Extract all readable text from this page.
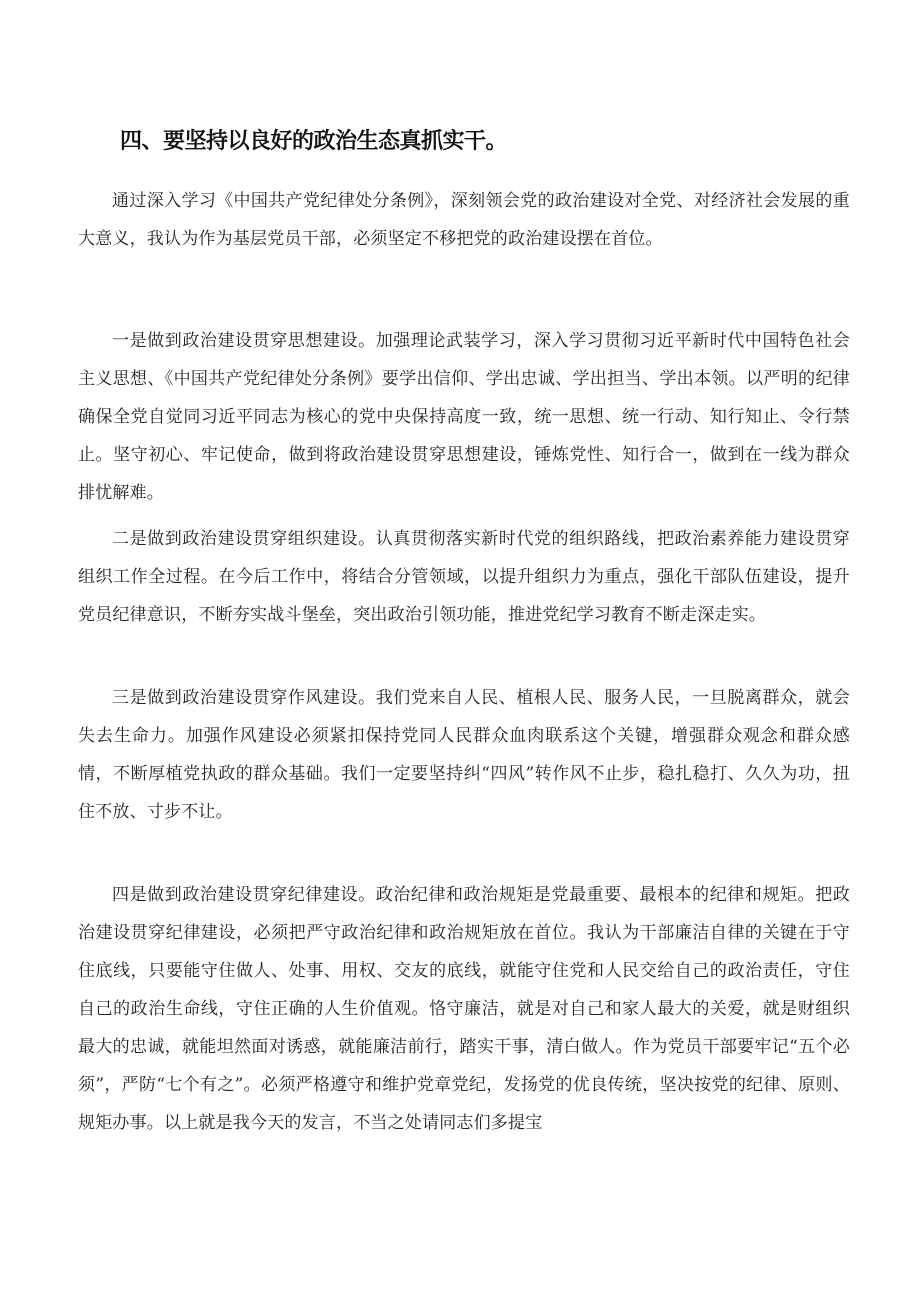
四、要坚持以良好的政治生态真抓实干。

通过深入学习《中国共产党纪律处分条例》，深刻领会党的政治建设对全党、对经济社会发展的重大意义，我认为作为基层党员干部，必须坚定不移把党的政治建设摆在首位。

一是做到政治建设贯穿思想建设。加强理论武装学习，深入学习贯彻习近平新时代中国特色社会主义思想、《中国共产党纪律处分条例》要学出信仰、学出忠诚、学出担当、学出本领。以严明的纪律确保全党自觉同习近平同志为核心的党中央保持高度一致，统一思想、统一行动、知行知止、令行禁止。坚守初心、牢记使命，做到将政治建设贯穿思想建设，锤炼党性、知行合一，做到在一线为群众排忧解难。

二是做到政治建设贯穿组织建设。认真贯彻落实新时代党的组织路线，把政治素养能力建设贯穿组织工作全过程。在今后工作中，将结合分管领域，以提升组织力为重点，强化干部队伍建设，提升党员纪律意识，不断夯实战斗堡垒，突出政治引领功能，推进党纪学习教育不断走深走实。

三是做到政治建设贯穿作风建设。我们党来自人民、植根人民、服务人民，一旦脱离群众，就会失去生命力。加强作风建设必须紧扣保持党同人民群众血肉联系这个关键，增强群众观念和群众感情，不断厚植党执政的群众基础。我们一定要坚持纠“四风”转作风不止步，稳扎稳打、久久为功，扭住不放、寸步不让。

四是做到政治建设贯穿纪律建设。政治纪律和政治规矩是党最重要、最根本的纪律和规矩。把政治建设贯穿纪律建设，必须把严守政治纪律和政治规矩放在首位。我认为干部廉洁自律的关键在于守住底线，只要能守住做人、处事、用权、交友的底线，就能守住党和人民交给自己的政治责任，守住自己的政治生命线，守住正确的人生价值观。恪守廉洁，就是对自己和家人最大的关爱，就是财组织最大的忠诚，就能坦然面对诱惑，就能廉洁前行，踏实干事，清白做人。作为党员干部要牢记“五个必须”，严防“七个有之”。必须严格遵守和维护党章党纪，发扬党的优良传统，坚决按党的纪律、原则、规矩办事。以上就是我今天的发言，不当之处请同志们多提宝
